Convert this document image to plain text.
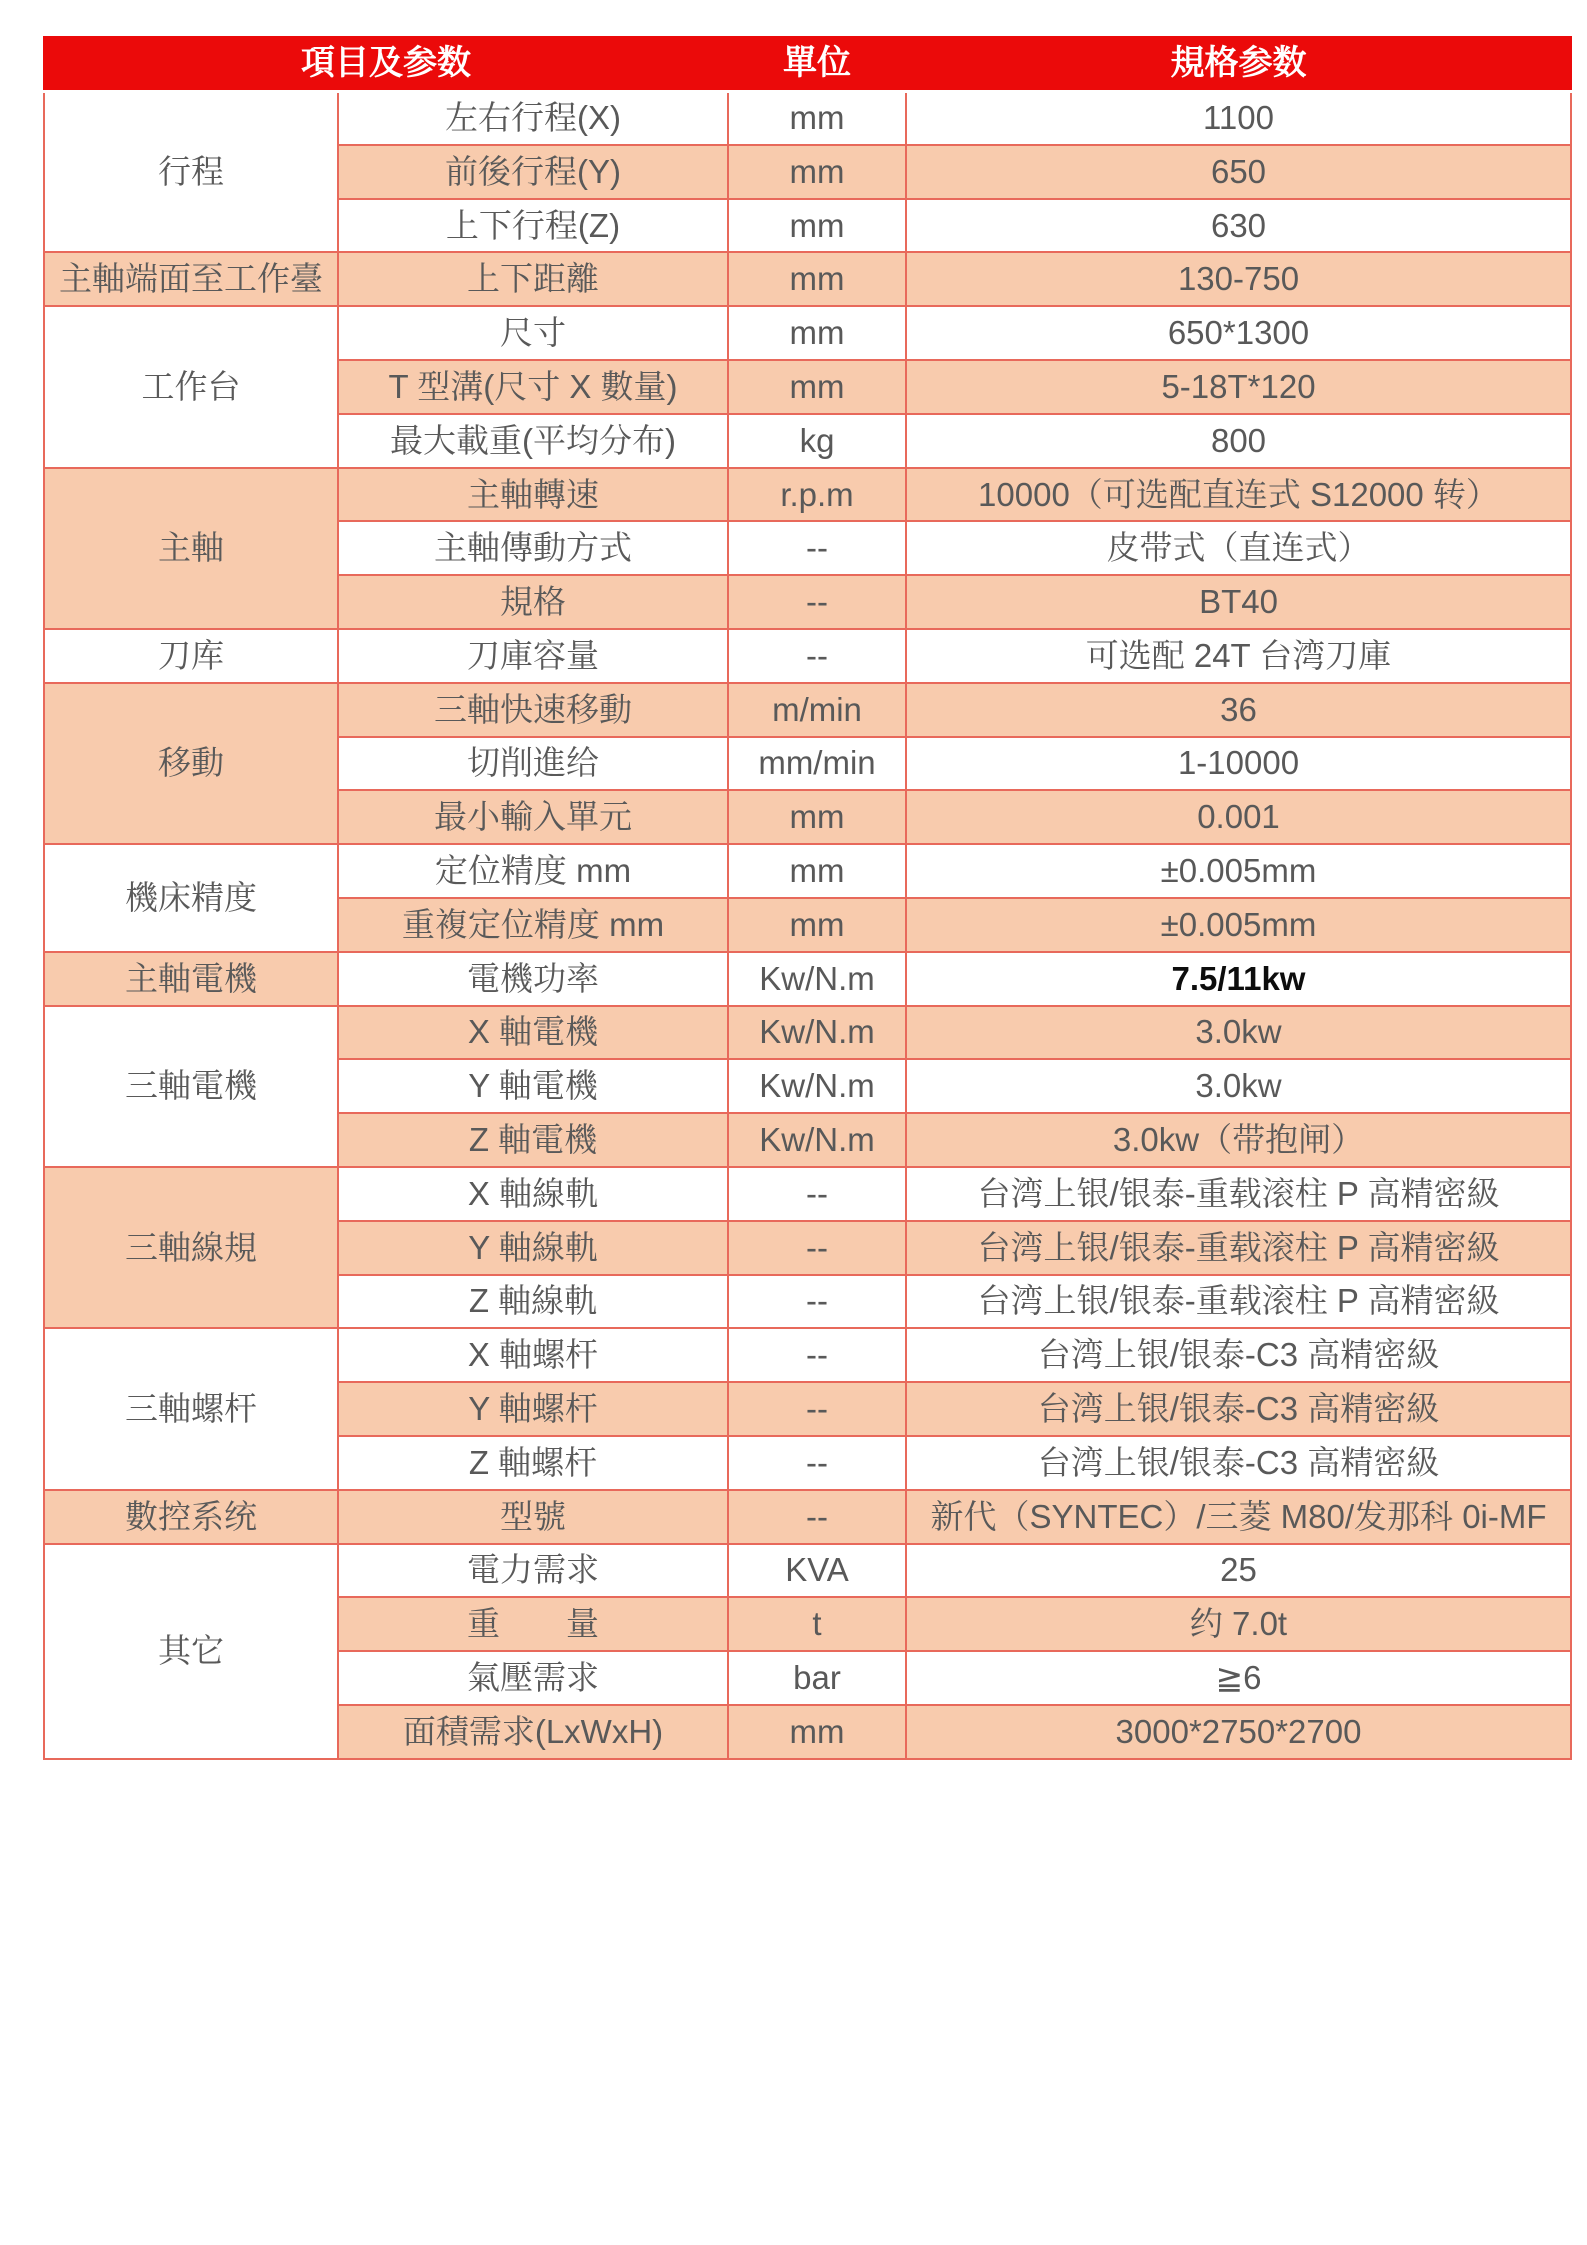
項目及参数		單位	規格参数
行程	左右行程(X)	mm	1100
	前後行程(Y)	mm	650
	上下行程(Z)	mm	630
主軸端面至工作臺	上下距離	mm	130-750
工作台	尺寸	mm	650*1300
	T 型溝(尺寸 X 數量)	mm	5-18T*120
	最大載重(平均分布)	kg	800
主軸	主軸轉速	r.p.m	10000（可选配直连式 S12000 转）
	主軸傳動方式	--	皮带式（直连式）
	規格	--	BT40
刀库	刀庫容量	--	可选配 24T 台湾刀庫
移動	三軸快速移動	m/min	36
	切削進给	mm/min	1-10000
	最小輸入單元	mm	0.001
機床精度	定位精度 mm	mm	±0.005mm
	重複定位精度 mm	mm	±0.005mm
主軸電機	電機功率	Kw/N.m	7.5/11kw
三軸電機	X 軸電機	Kw/N.m	3.0kw
	Y 軸電機	Kw/N.m	3.0kw
	Z 軸電機	Kw/N.m	3.0kw（带抱闸）
三軸線規	X 軸線軌	--	台湾上银/银泰-重载滚柱 P 高精密級
	Y 軸線軌	--	台湾上银/银泰-重载滚柱 P 高精密級
	Z 軸線軌	--	台湾上银/银泰-重载滚柱 P 高精密級
三軸螺杆	X 軸螺杆	--	台湾上银/银泰-C3 高精密級
	Y 軸螺杆	--	台湾上银/银泰-C3 高精密級
	Z 軸螺杆	--	台湾上银/银泰-C3 高精密級
數控系统	型號	--	新代（SYNTEC）/三菱 M80/发那科 0i-MF
其它	電力需求	KVA	25
	重　　量	t	约 7.0t
	氣壓需求	bar	≧6
	面積需求(LxWxH)	mm	3000*2750*2700
